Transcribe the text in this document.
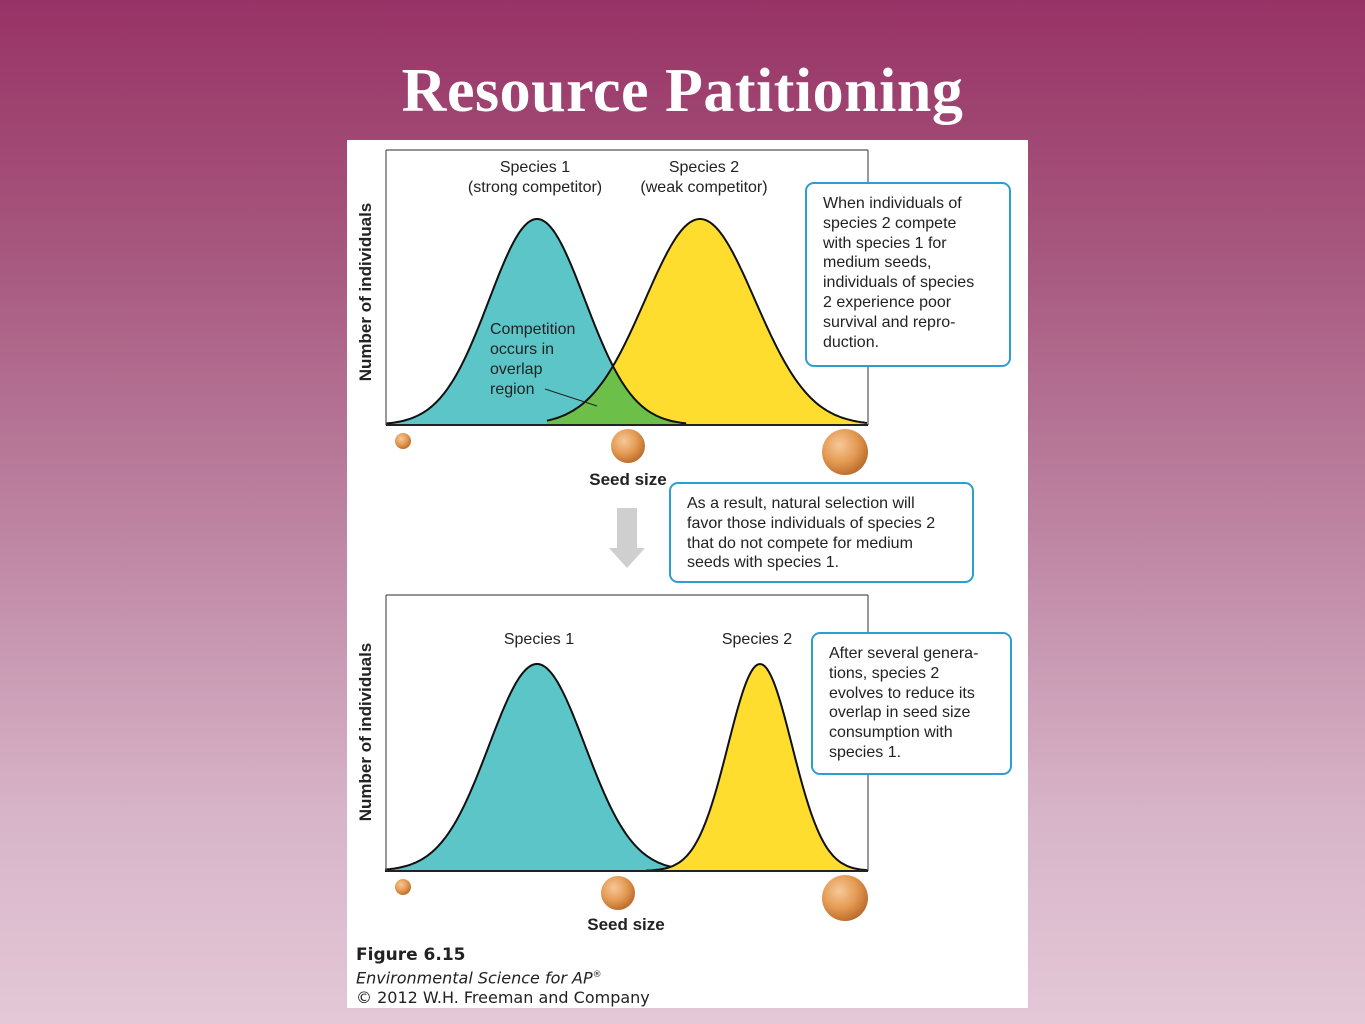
Resource Patitioning
Number of individuals
Species 1
(strong competitor)
Species 2
(weak competitor)
Competition
occurs in
overlap
region
Seed size
Number of individuals
Species 1	Species 2
Seed size
When individuals of
species 2 compete
with species 1 for
medium seeds,
individuals of species
2 experience poor
survival and repro-
duction.
As a result, natural selection will
favor those individuals of species 2
that do not compete for medium
seeds with species 1.
After several genera-
tions, species 2
evolves to reduce its
overlap in seed size
consumption with
species 1.
Figure 6.15
Environmental Science for AP®
© 2012 W.H. Freeman and Company
